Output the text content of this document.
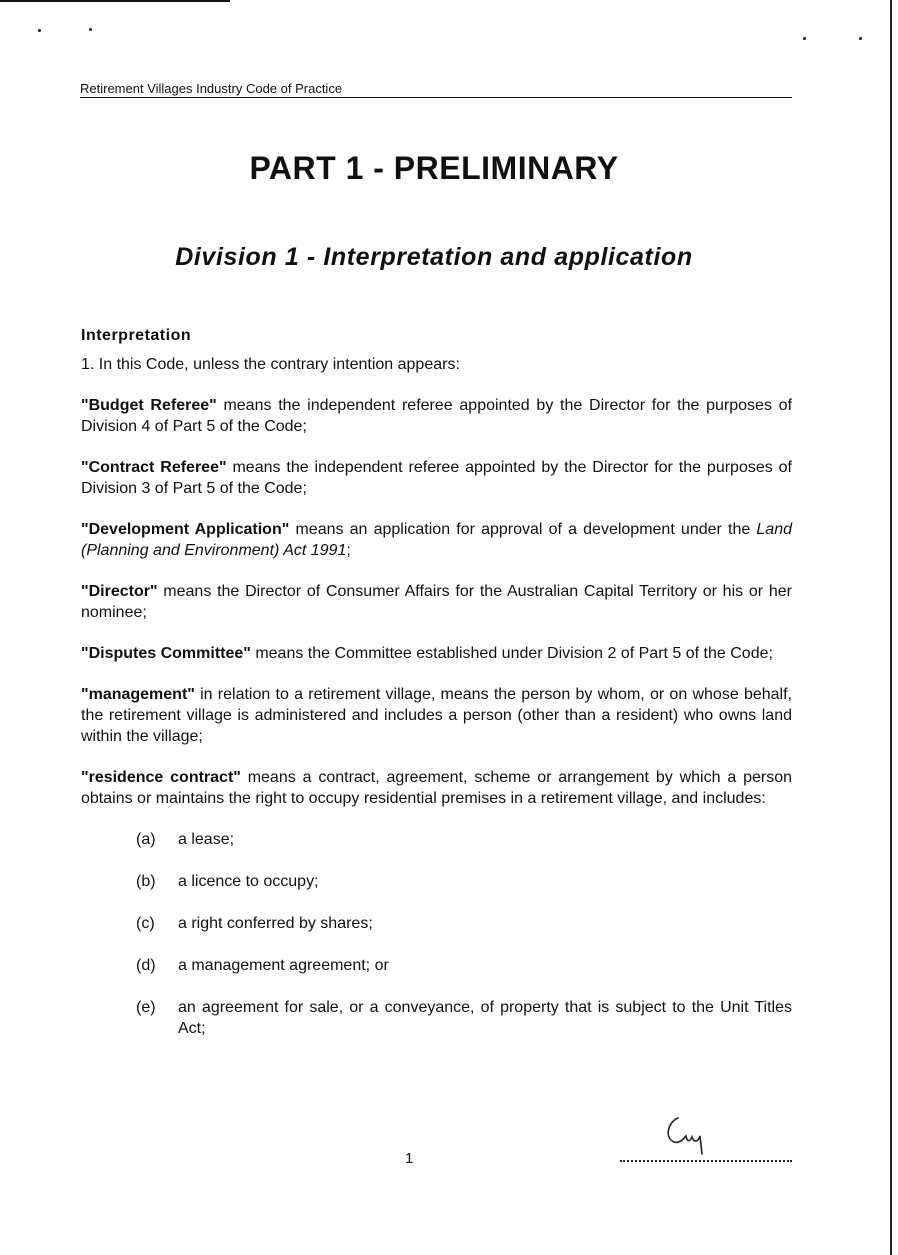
Retirement Villages Industry Code of Practice
PART 1 - PRELIMINARY
Division 1 - Interpretation and application
Interpretation
1. In this Code, unless the contrary intention appears:
"Budget Referee" means the independent referee appointed by the Director for the purposes of Division 4 of Part 5 of the Code;
"Contract Referee" means the independent referee appointed by the Director for the purposes of Division 3 of Part 5 of the Code;
"Development Application" means an application for approval of a development under the Land (Planning and Environment) Act 1991;
"Director" means the Director of Consumer Affairs for the Australian Capital Territory or his or her nominee;
"Disputes Committee" means the Committee established under Division 2 of Part 5 of the Code;
"management" in relation to a retirement village, means the person by whom, or on whose behalf, the retirement village is administered and includes a person (other than a resident) who owns land within the village;
"residence contract" means a contract, agreement, scheme or arrangement by which a person obtains or maintains the right to occupy residential premises in a retirement village, and includes:
(a)	a lease;
(b)	a licence to occupy;
(c)	a right conferred by shares;
(d)	a management agreement; or
(e)	an agreement for sale, or a conveyance, of property that is subject to the Unit Titles Act;
1
